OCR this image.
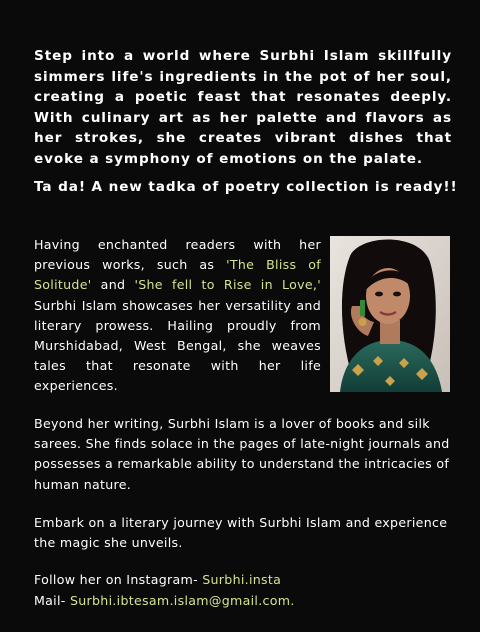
Step into a world where Surbhi Islam skillfully simmers life's ingredients in the pot of her soul, creating a poetic feast that resonates deeply. With culinary art as her palette and flavors as her strokes, she creates vibrant dishes that evoke a symphony of emotions on the palate.

Ta da! A new tadka of poetry collection is ready!!

Having enchanted readers with her previous works, such as 'The Bliss of Solitude' and 'She fell to Rise in Love,' Surbhi Islam showcases her versatility and literary prowess. Hailing proudly from Murshidabad, West Bengal, she weaves tales that resonate with her life experiences.

Beyond her writing, Surbhi Islam is a lover of books and silk sarees. She finds solace in the pages of late-night journals and possesses a remarkable ability to understand the intricacies of human nature.

Embark on a literary journey with Surbhi Islam and experience the magic she unveils.

Follow her on Instagram- Surbhi.insta
Mail- Surbhi.ibtesam.islam@gmail.com.
